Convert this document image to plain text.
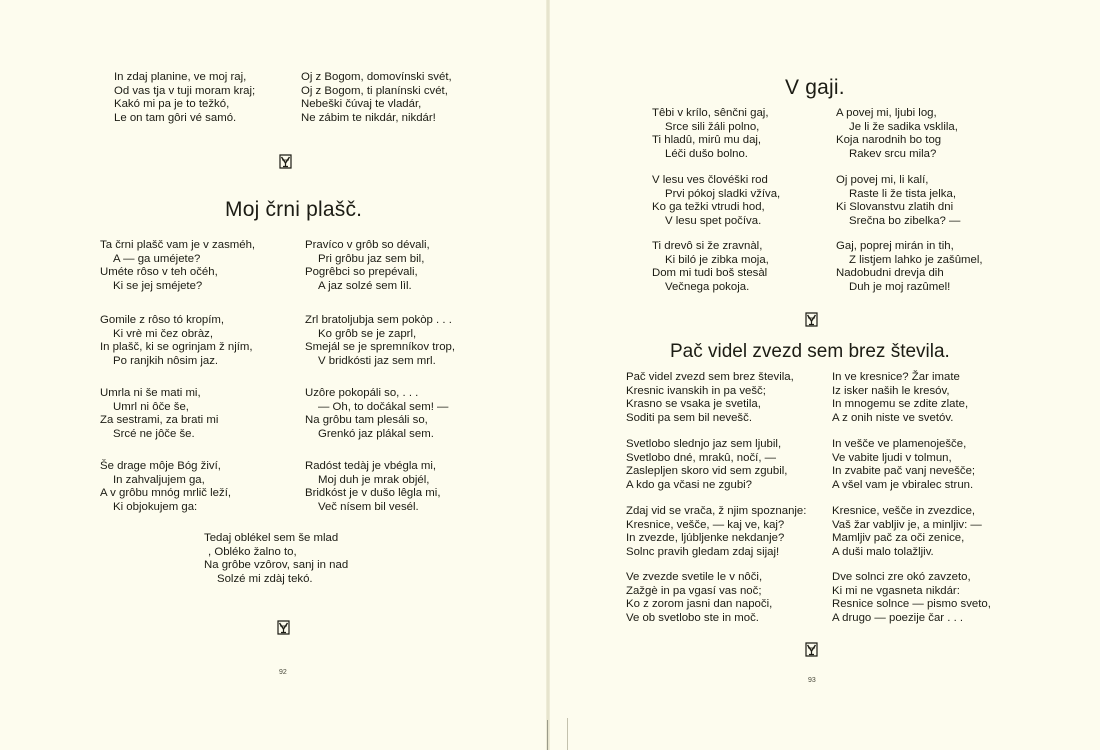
In zdaj planine, ve moj raj,
Od vas tja v tuji moram kraj;
Kakó mi pa je to težkó,
Le on tam gôri vé samó.
Oj z Bogom, domovínski svét,
Oj z Bogom, ti planínski cvét,
Nebeški čúvaj te vladár,
Ne zábim te nikdár, nikdár!
Moj črni plašč.
Ta črni plašč vam je v zasméh,
A — ga uméjete?
Uméte rôso v teh očéh,
Ki se jej sméjete?
Gomile z rôso tó kropím,
Ki vrè mi čez obràz,
In plašč, ki se ogrinjam ž njím,
Po ranjkih nôsim jaz.
Umrla ni še mati mi,
Umrl ni ôče še,
Za sestrami, za brati mi
Srcé ne jôče še.
Še drage môje Bóg živí,
In zahvaljujem ga,
A v grôbu mnóg mrlič leží,
Ki objokujem ga:
Pravíco v grôb so dévali,
Pri grôbu jaz sem bil,
Pogrêbci so prepévali,
A jaz solzé sem lìl.
Zrl bratoljubja sem pokòp . . .
Ko grôb se je zaprl,
Smejál se je spremníkov trop,
V bridkósti jaz sem mrl.
Uzôre pokopáli so, . . .
— Oh, to dočákal sem! —
Na grôbu tam plesáli so,
Grenkó jaz plákal sem.
Radóst tedàj je vbégla mi,
Moj duh je mrak objél,
Bridkóst je v dušo lêgla mi,
Več nísem bil vesél.
Tedaj oblékel sem še mlad
, Obléko žalno to,
Na grôbe vzôrov, sanj in nad
Solzé mi zdàj tekó.
92
V gaji.
Têbi v krílo, sênčni gaj,
Srce sili žáli polno,
Ti hladû, mirû mu daj,
Léči dušo bolno.
V lesu ves človéški rod
Prvi pókoj sladki vžíva,
Ko ga težki vtrudi hod,
V lesu spet počíva.
Ti drevô si že zravnàl,
Ki biló je zibka moja,
Dom mi tudi boš stesàl
Večnega pokoja.
A povej mi, ljubi log,
Je li že sadika vsklila,
Koja narodnih bo tog
Rakev srcu mila?
Oj povej mi, li kalí,
Raste li že tista jelka,
Ki Slovanstvu zlatih dni
Srečna bo zibelka? —
Gaj, poprej mirán in tih,
Z listjem lahko je zašûmel,
Nadobudni drevja dih
Duh je moj razûmel!
Pač videl zvezd sem brez števila.
Pač videl zvezd sem brez števila,
Kresnic ivanskih in pa vešč;
Krasno se vsaka je svetila,
Soditi pa sem bil nevešč.
Svetlobo slednjo jaz sem ljubil,
Svetlobo dné, mrakû, nočí, —
Zaslepljen skoro vid sem zgubil,
A kdo ga včasi ne zgubi?
Zdaj vid se vrača, ž njim spoznanje:
Kresnice, vešče, — kaj ve, kaj?
In zvezde, ljúbljenke nekdanje?
Solnc pravih gledam zdaj sijaj!
Ve zvezde svetile le v nôči,
Zažgè in pa vgasí vas noč;
Ko z zorom jasni dan napoči,
Ve ob svetlobo ste in moč.
In ve kresnice? Žar imate
Iz isker naših le kresóv,
In mnogemu se zdite zlate,
A z onih niste ve svetóv.
In vešče ve plamenoješče,
Ve vabite ljudi v tolmun,
In zvabite pač vanj nevešče;
A všel vam je vbiralec strun.
Kresnice, vešče in zvezdice,
Vaš žar vabljiv je, a minljiv: —
Mamljiv pač za oči zenice,
A duši malo tolažljiv.
Dve solnci zre okó zavzeto,
Ki mi ne vgasneta nikdár:
Resnice solnce — pismo sveto,
A drugo — poezije čar . . .
93
